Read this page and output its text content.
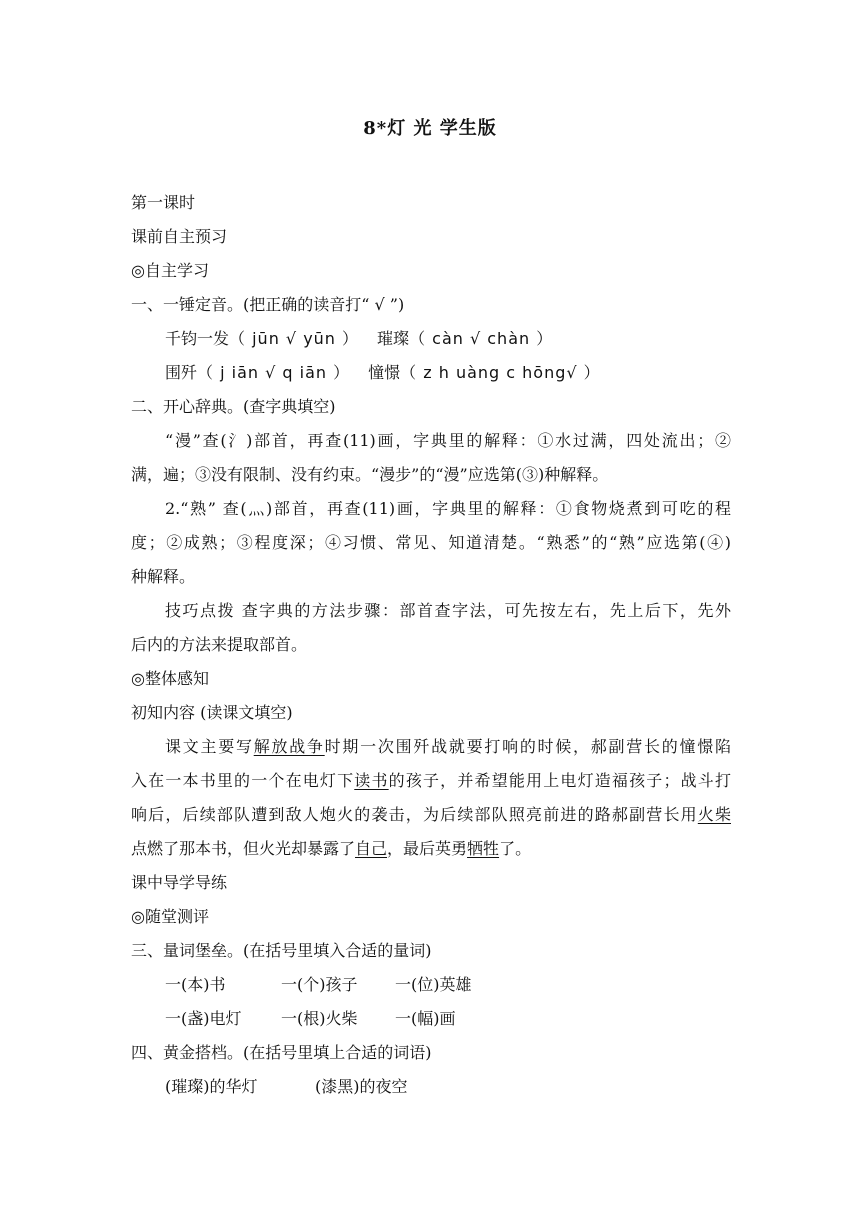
8*灯 光 学生版
第一课时
课前自主预习
◎自主学习
一、一锤定音。(把正确的读音打“ √ ”)
千钧一发（ jūn √ yūn ） 璀璨（ càn √ chàn ）
围歼（ j iān √ q iān ） 憧憬（ z h uàng c hōng√ ）
二、开心辞典。(查字典填空)
“漫”查(氵)部首，再查(11)画，字典里的解释：①水过满，四处流出；②
满，遍；③没有限制、没有约束。“漫步”的“漫”应选第(③)种解释。
2.“熟” 查(灬)部首，再查(11)画，字典里的解释：①食物烧煮到可吃的程
度；②成熟；③程度深；④习惯、常见、知道清楚。“熟悉”的“熟”应选第(④)
种解释。
技巧点拨 查字典的方法步骤：部首查字法，可先按左右，先上后下，先外
后内的方法来提取部首。
◎整体感知
初知内容 (读课文填空)
课文主要写解放战争时期一次围歼战就要打响的时候，郝副营长的憧憬陷
入在一本书里的一个在电灯下读书的孩子，并希望能用上电灯造福孩子；战斗打
响后，后续部队遭到敌人炮火的袭击，为后续部队照亮前进的路郝副营长用火柴
点燃了那本书，但火光却暴露了自己，最后英勇牺牲了。
课中导学导练
◎随堂测评
三、量词堡垒。(在括号里填入合适的量词)
一(本)书	一(个)孩子 一(位)英雄
一(盏)电灯 一(根)火柴 一(幅)画
四、黄金搭档。(在括号里填上合适的词语)
(璀璨)的华灯	(漆黑)的夜空
